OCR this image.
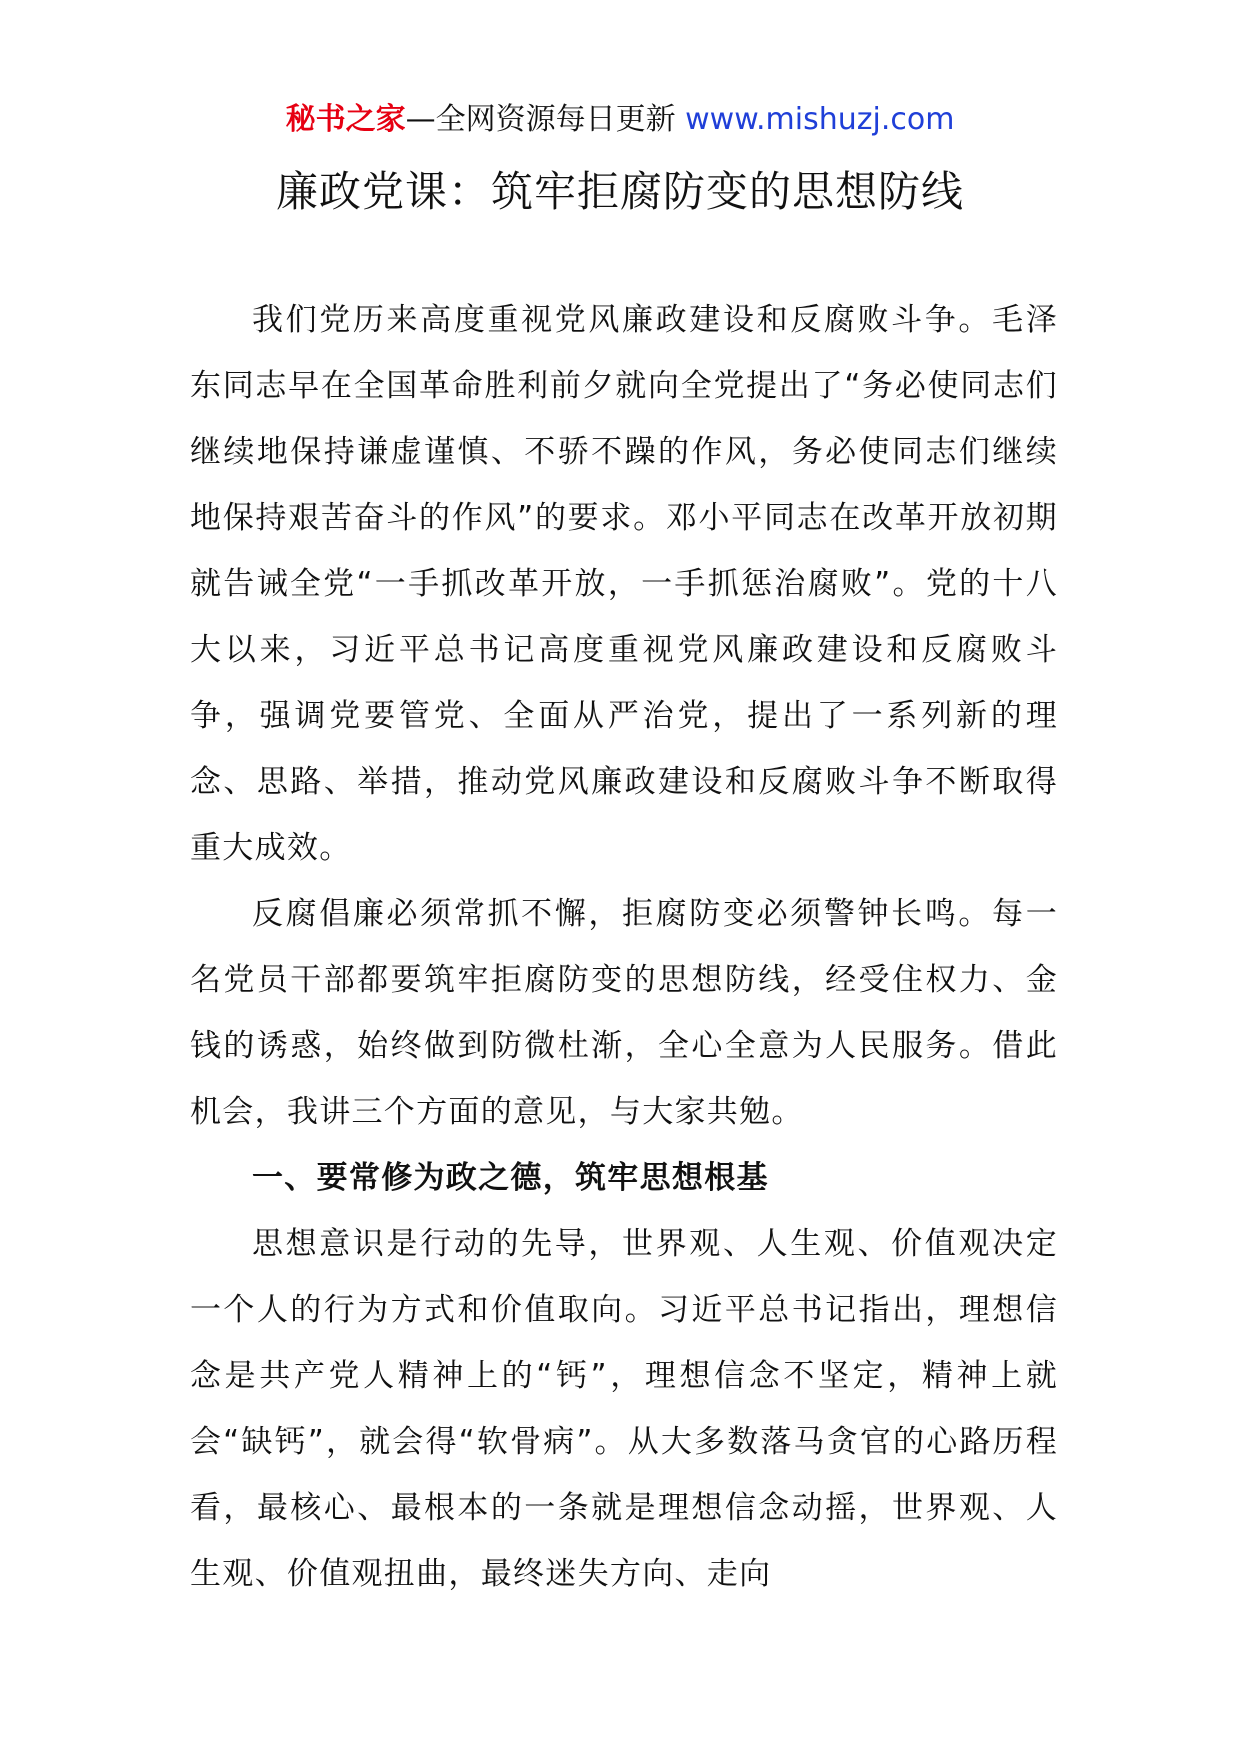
秘书之家—全网资源每日更新 www.mishuzj.com
廉政党课：筑牢拒腐防变的思想防线

我们党历来高度重视党风廉政建设和反腐败斗争。毛泽东同志早在全国革命胜利前夕就向全党提出了“务必使同志们继续地保持谦虚谨慎、不骄不躁的作风，务必使同志们继续地保持艰苦奋斗的作风”的要求。邓小平同志在改革开放初期就告诫全党“一手抓改革开放，一手抓惩治腐败”。党的十八大以来，习近平总书记高度重视党风廉政建设和反腐败斗争，强调党要管党、全面从严治党，提出了一系列新的理念、思路、举措，推动党风廉政建设和反腐败斗争不断取得重大成效。

反腐倡廉必须常抓不懈，拒腐防变必须警钟长鸣。每一名党员干部都要筑牢拒腐防变的思想防线，经受住权力、金钱的诱惑，始终做到防微杜渐，全心全意为人民服务。借此机会，我讲三个方面的意见，与大家共勉。

一、要常修为政之德，筑牢思想根基

思想意识是行动的先导，世界观、人生观、价值观决定一个人的行为方式和价值取向。习近平总书记指出，理想信念是共产党人精神上的“钙”，理想信念不坚定，精神上就会“缺钙”，就会得“软骨病”。从大多数落马贪官的心路历程看，最核心、最根本的一条就是理想信念动摇，世界观、人生观、价值观扭曲，最终迷失方向、走向
